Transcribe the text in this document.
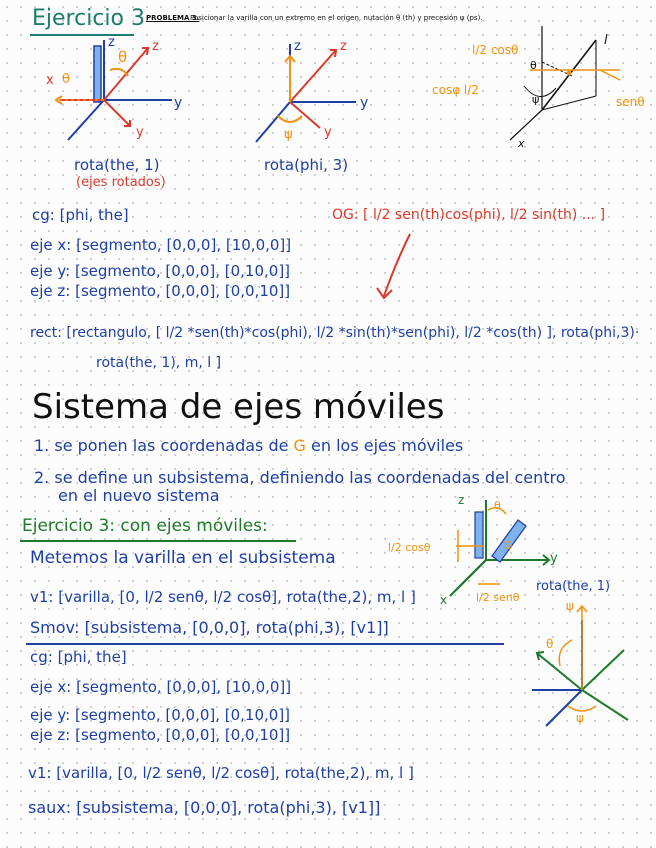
Ejercicio 3 PROBLEMA 3.
Posicionar la varilla con un extremo en el origen, nutación θ (th) y precesión ψ (ps).
z	z
θ
y
y
x θ
rota(the, 1)
(ejes rotados)
z	z
y
y
ψ
rota(phi, 3)
l
l/2 cosθ
cosφ l/2
senθ
θ
ψ
x
cg: [phi, the]	OG: [ l/2 sen(th)cos(phi), l/2 sin(th) ... ]
eje x: [segmento, [0,0,0], [10,0,0]]
eje y: [segmento, [0,0,0], [0,10,0]]
eje z: [segmento, [0,0,0], [0,0,10]]
rect: [rectangulo, [ l/2 *sen(th)*cos(phi), l/2 *sin(th)*sen(phi), l/2 *cos(th) ], rota(phi,3)·
rota(the, 1), m, l ]
Sistema de ejes móviles
1. se ponen las coordenadas de G en los ejes móviles
2. se define un subsistema, definiendo las coordenadas del centro
en el nuevo sistema
Ejercicio 3: con ejes móviles:
Metemos la varilla en el subsistema
l/2 cosθ
v1: [varilla, [0, l/2 senθ, l/2 cosθ], rota(the,2), m, l ]
Smov: [subsistema, [0,0,0], rota(phi,3), [v1]]
cg: [phi, the]
eje x: [segmento, [0,0,0], [10,0,0]]
eje y: [segmento, [0,0,0], [0,10,0]]
eje z: [segmento, [0,0,0], [0,0,10]]
v1: [varilla, [0, l/2 senθ, l/2 cosθ], rota(the,2), m, l ]
saux: [subsistema, [0,0,0], rota(phi,3), [v1]]
z	θ
y
x
G
l/2 senθ
rota(the, 1)
ψ
θ
ψ
